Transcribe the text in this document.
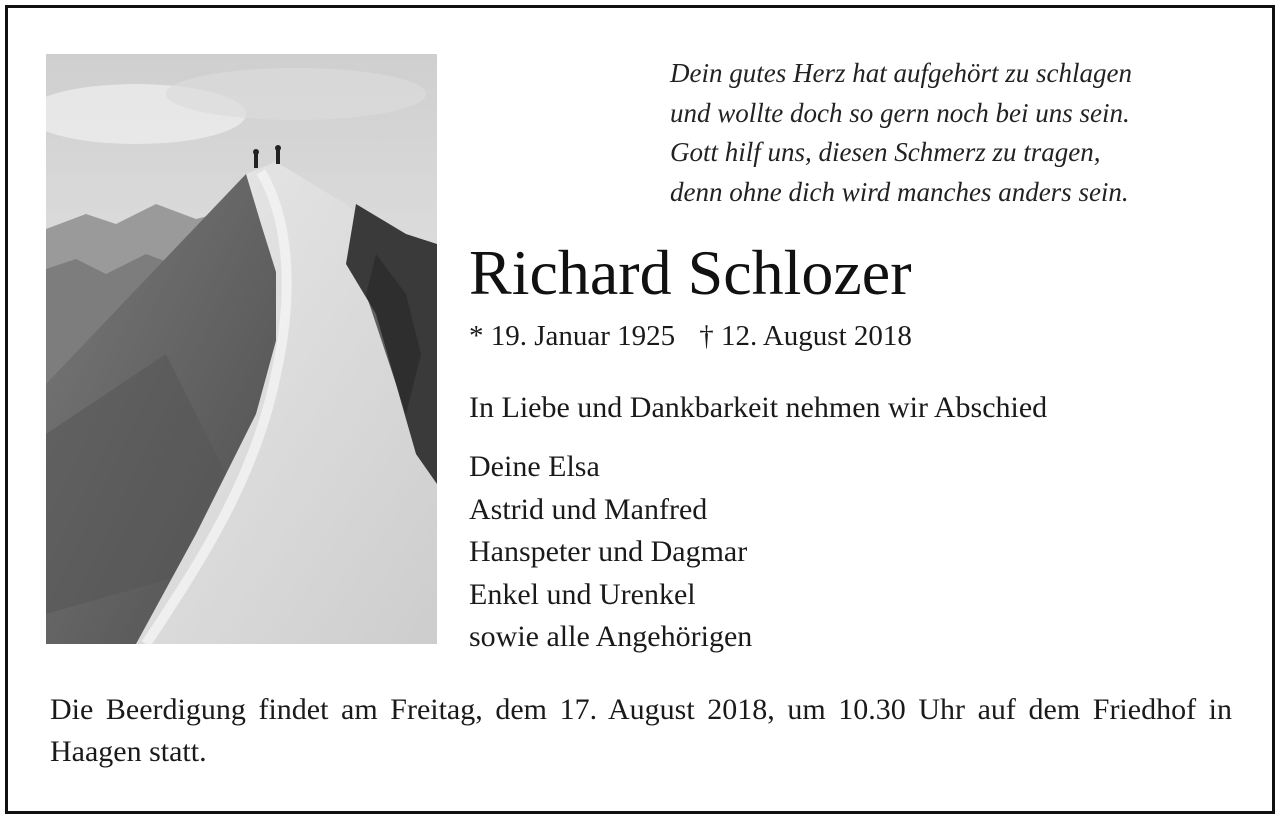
Dein gutes Herz hat aufgehört zu schlagen
und wollte doch so gern noch bei uns sein.
Gott hilf uns, diesen Schmerz zu tragen,
denn ohne dich wird manches anders sein.
Richard Schlozer
* 19. Januar 1925 † 12. August 2018
In Liebe und Dankbarkeit nehmen wir Abschied
Deine Elsa
Astrid und Manfred
Hanspeter und Dagmar
Enkel und Urenkel
sowie alle Angehörigen
Die Beerdigung findet am Freitag, dem 17. August 2018, um 10.30 Uhr auf dem Friedhof in Haagen statt.
